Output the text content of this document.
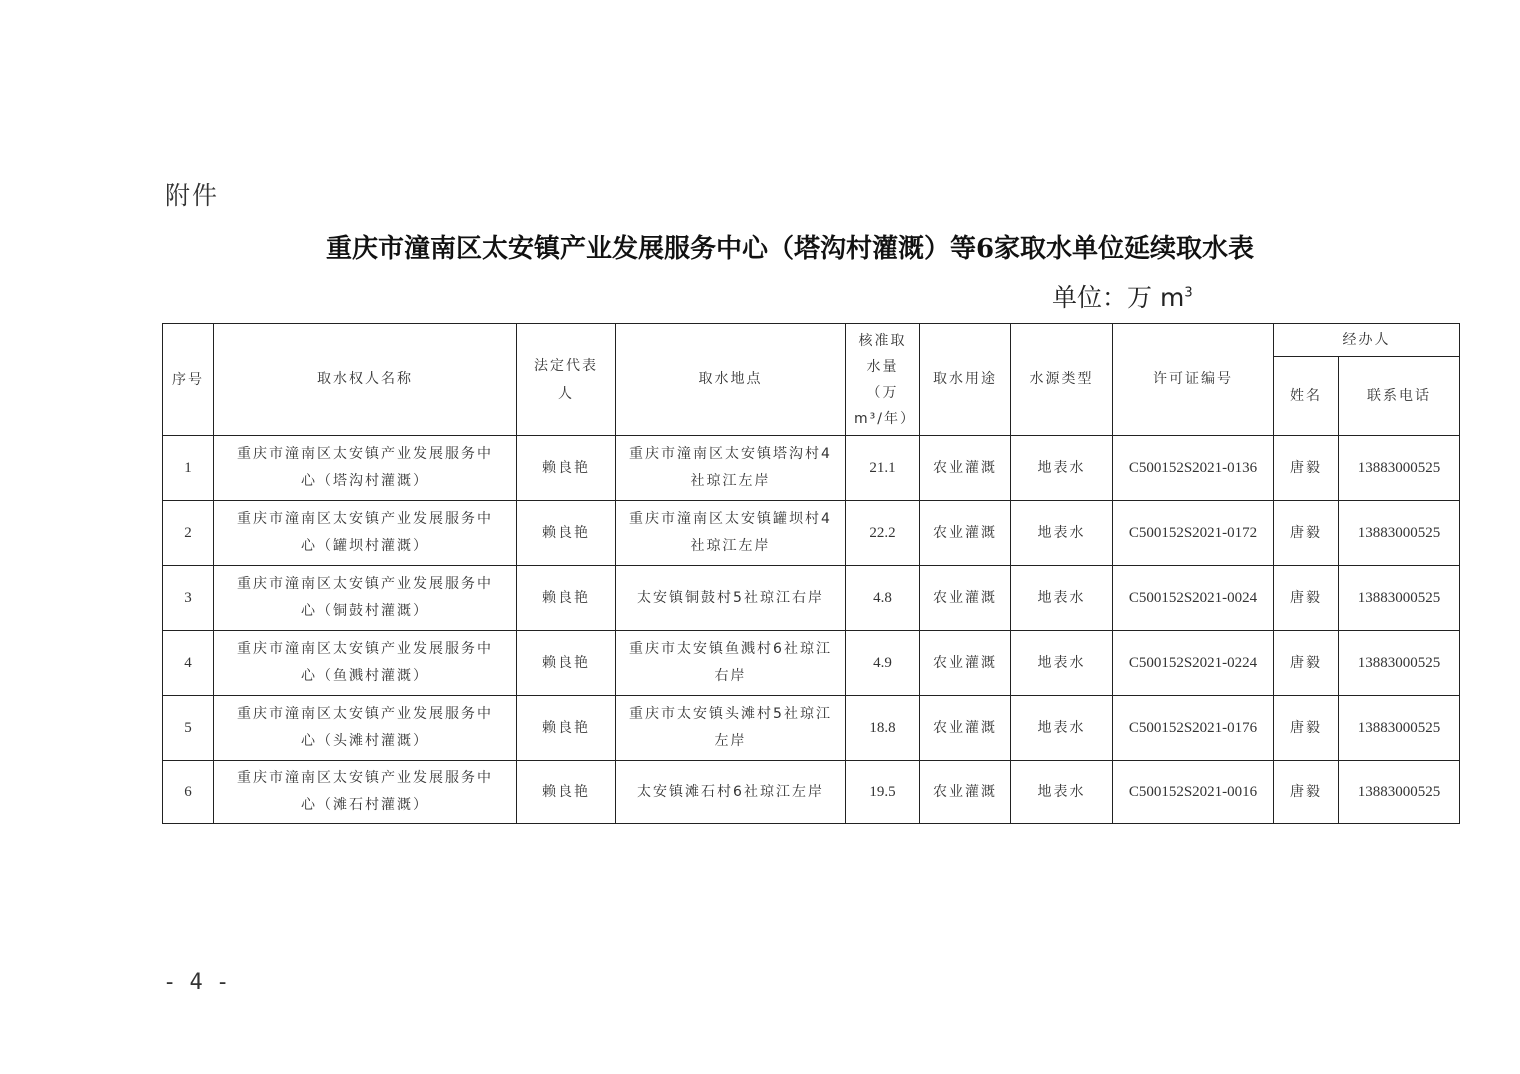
附件
重庆市潼南区太安镇产业发展服务中心（塔沟村灌溉）等6家取水单位延续取水表
单位：万 $m^3$
序号	取水权人名称	法定代表人	取水地点	核准取水量（万m³/年）	取水用途	水源类型	许可证编号	经办人	
								姓名	联系电话
1	重庆市潼南区太安镇产业发展服务中心（塔沟村灌溉）	赖良艳	重庆市潼南区太安镇塔沟村4社琼江左岸	21.1	农业灌溉	地表水	C500152S2021-0136	唐毅	13883000525
2	重庆市潼南区太安镇产业发展服务中心（罐坝村灌溉）	赖良艳	重庆市潼南区太安镇罐坝村4社琼江左岸	22.2	农业灌溉	地表水	C500152S2021-0172	唐毅	13883000525
3	重庆市潼南区太安镇产业发展服务中心（铜鼓村灌溉）	赖良艳	太安镇铜鼓村5社琼江右岸	4.8	农业灌溉	地表水	C500152S2021-0024	唐毅	13883000525
4	重庆市潼南区太安镇产业发展服务中心（鱼溅村灌溉）	赖良艳	重庆市太安镇鱼溅村6社琼江右岸	4.9	农业灌溉	地表水	C500152S2021-0224	唐毅	13883000525
5	重庆市潼南区太安镇产业发展服务中心（头滩村灌溉）	赖良艳	重庆市太安镇头滩村5社琼江左岸	18.8	农业灌溉	地表水	C500152S2021-0176	唐毅	13883000525
6	重庆市潼南区太安镇产业发展服务中心（滩石村灌溉）	赖良艳	太安镇滩石村6社琼江左岸	19.5	农业灌溉	地表水	C500152S2021-0016	唐毅	13883000525
- 4 -
